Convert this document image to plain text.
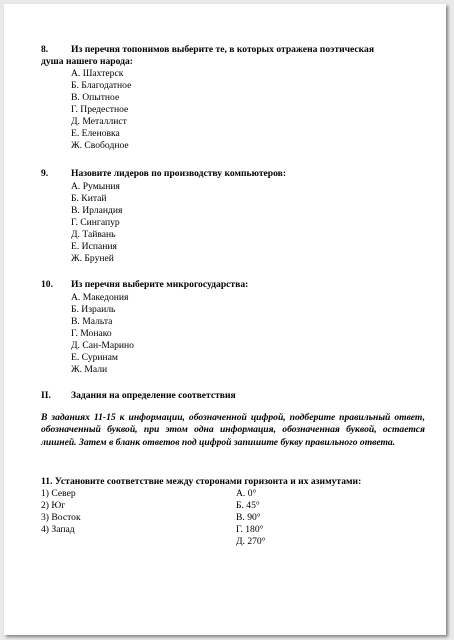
8. Из перечня топонимов выберите те, в которых отражена поэтическая
душа нашего народа:
А. Шахтерск
Б. Благодатное
В. Опытное
Г. Предестное
Д. Металлист
Е. Еленовка
Ж. Свободное
9. Назовите лидеров по производству компьютеров:
А. Румыния
Б. Китай
В. Ирландия
Г. Сингапур
Д. Тайвань
Е. Испания
Ж. Бруней
10. Из перечня выберите микрогосударства:
А. Македония
Б. Израиль
В. Мальта
Г. Монако
Д. Сан-Марино
Е. Суринам
Ж. Мали
II. Задания на определение соответствия
В заданиях 11-15 к информации, обозначенной цифрой, подберите правильный ответ, обозначенный буквой, при этом одна информация, обозначенная буквой, остается лишней. Затем в бланк ответов под цифрой запишите букву правильного ответа.
11. Установите соответствие между сторонами горизонта и их азимутами:
1) Север
2) Юг
3) Восток
4) Запад
А. 0°
Б. 45°
В. 90°
Г. 180°
Д. 270°
